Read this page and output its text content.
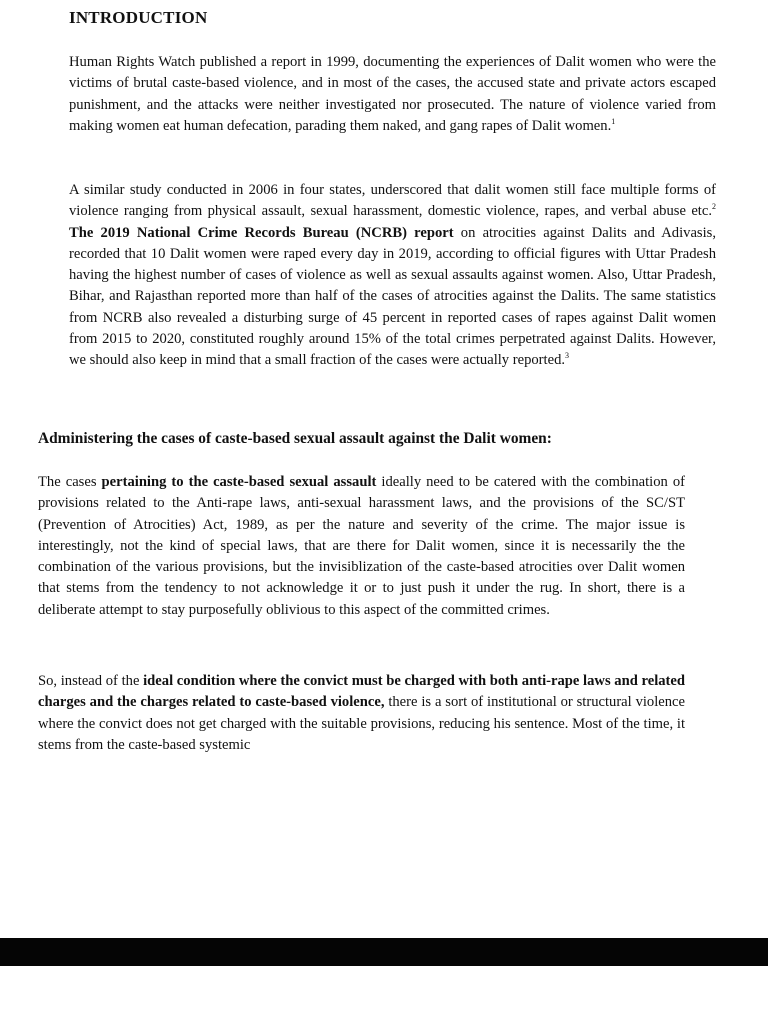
INTRODUCTION

Human Rights Watch published a report in 1999, documenting the experiences of Dalit women who were the victims of brutal caste-based violence, and in most of the cases, the accused state and private actors escaped punishment, and the attacks were neither investigated nor prosecuted. The nature of violence varied from making women eat human defecation, parading them naked, and gang rapes of Dalit women.$^1$

A similar study conducted in 2006 in four states, underscored that dalit women still face multiple forms of violence ranging from physical assault, sexual harassment, domestic violence, rapes, and verbal abuse etc.$^2$ The 2019 National Crime Records Bureau (NCRB) report on atrocities against Dalits and Adivasis, recorded that 10 Dalit women were raped every day in 2019, according to official figures with Uttar Pradesh having the highest number of cases of violence as well as sexual assaults against women. Also, Uttar Pradesh, Bihar, and Rajasthan reported more than half of the cases of atrocities against the Dalits. The same statistics from NCRB also revealed a disturbing surge of 45 percent in reported cases of rapes against Dalit women from 2015 to 2020, constituted roughly around 15% of the total crimes perpetrated against Dalits. However, we should also keep in mind that a small fraction of the cases were actually reported.$^3$

Administering the cases of caste-based sexual assault against the Dalit women:

The cases pertaining to the caste-based sexual assault ideally need to be catered with the combination of provisions related to the Anti-rape laws, anti-sexual harassment laws, and the provisions of the SC/ST (Prevention of Atrocities) Act, 1989, as per the nature and severity of the crime. The major issue is interestingly, not the kind of special laws, that are there for Dalit women, since it is necessarily the the combination of the various provisions, but the invisiblization of the caste-based atrocities over Dalit women that stems from the tendency to not acknowledge it or to just push it under the rug. In short, there is a deliberate attempt to stay purposefully oblivious to this aspect of the committed crimes.

So, instead of the ideal condition where the convict must be charged with both anti-rape laws and related charges and the charges related to caste-based violence, there is a sort of institutional or structural violence where the convict does not get charged with the suitable provisions, reducing his sentence. Most of the time, it stems from the caste-based systemic
